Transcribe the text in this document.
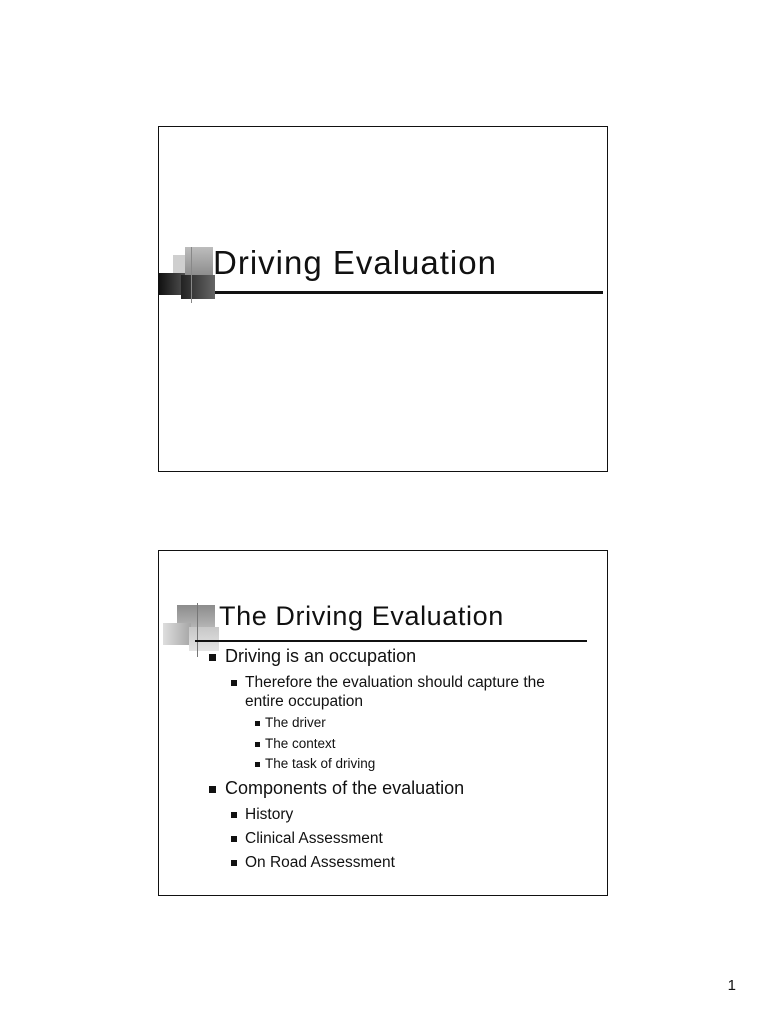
Driving Evaluation
The Driving Evaluation
Driving is an occupation
Therefore the evaluation should capture the
entire occupation
The driver
The context
The task of driving
Components of the evaluation
History
Clinical Assessment
On Road Assessment
1
